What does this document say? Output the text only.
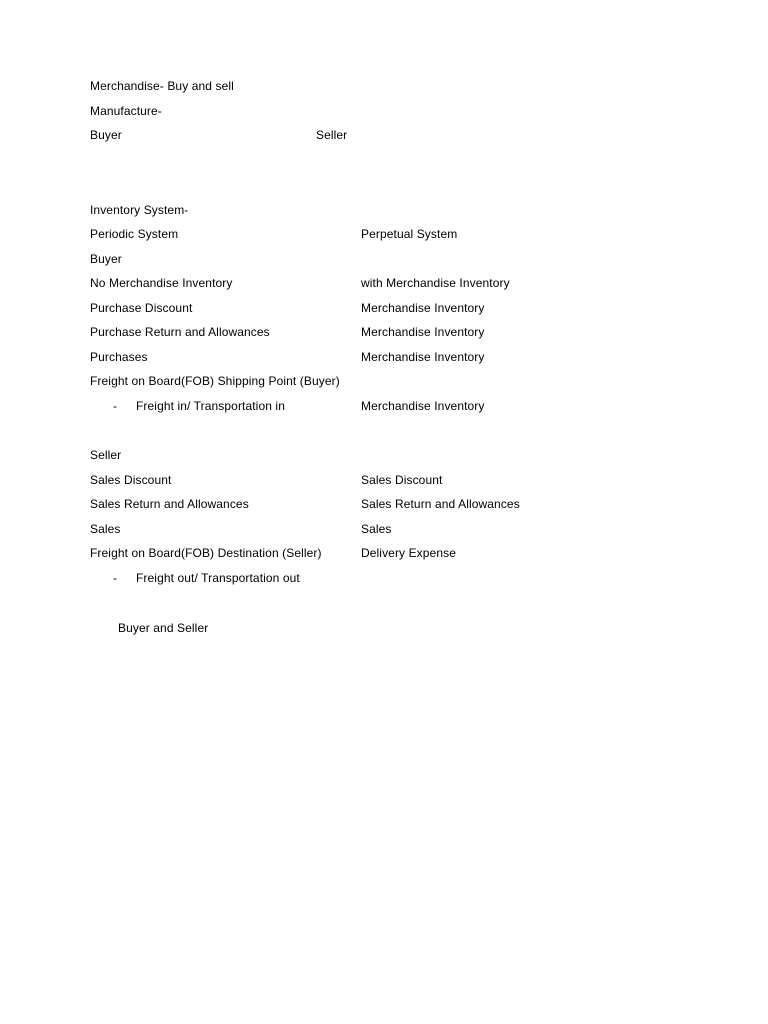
Merchandise- Buy and sell
Manufacture-
Buyer	Seller
Inventory System-
Periodic System	Perpetual System
Buyer
No Merchandise Inventory	with Merchandise Inventory
Purchase Discount	Merchandise Inventory
Purchase Return and Allowances	Merchandise Inventory
Purchases	Merchandise Inventory
Freight on Board(FOB) Shipping Point (Buyer)
- Freight in/ Transportation in	Merchandise Inventory
Seller
Sales Discount	Sales Discount
Sales Return and Allowances	Sales Return and Allowances
Sales	Sales
Freight on Board(FOB) Destination (Seller)	Delivery Expense
- Freight out/ Transportation out
Buyer and Seller
